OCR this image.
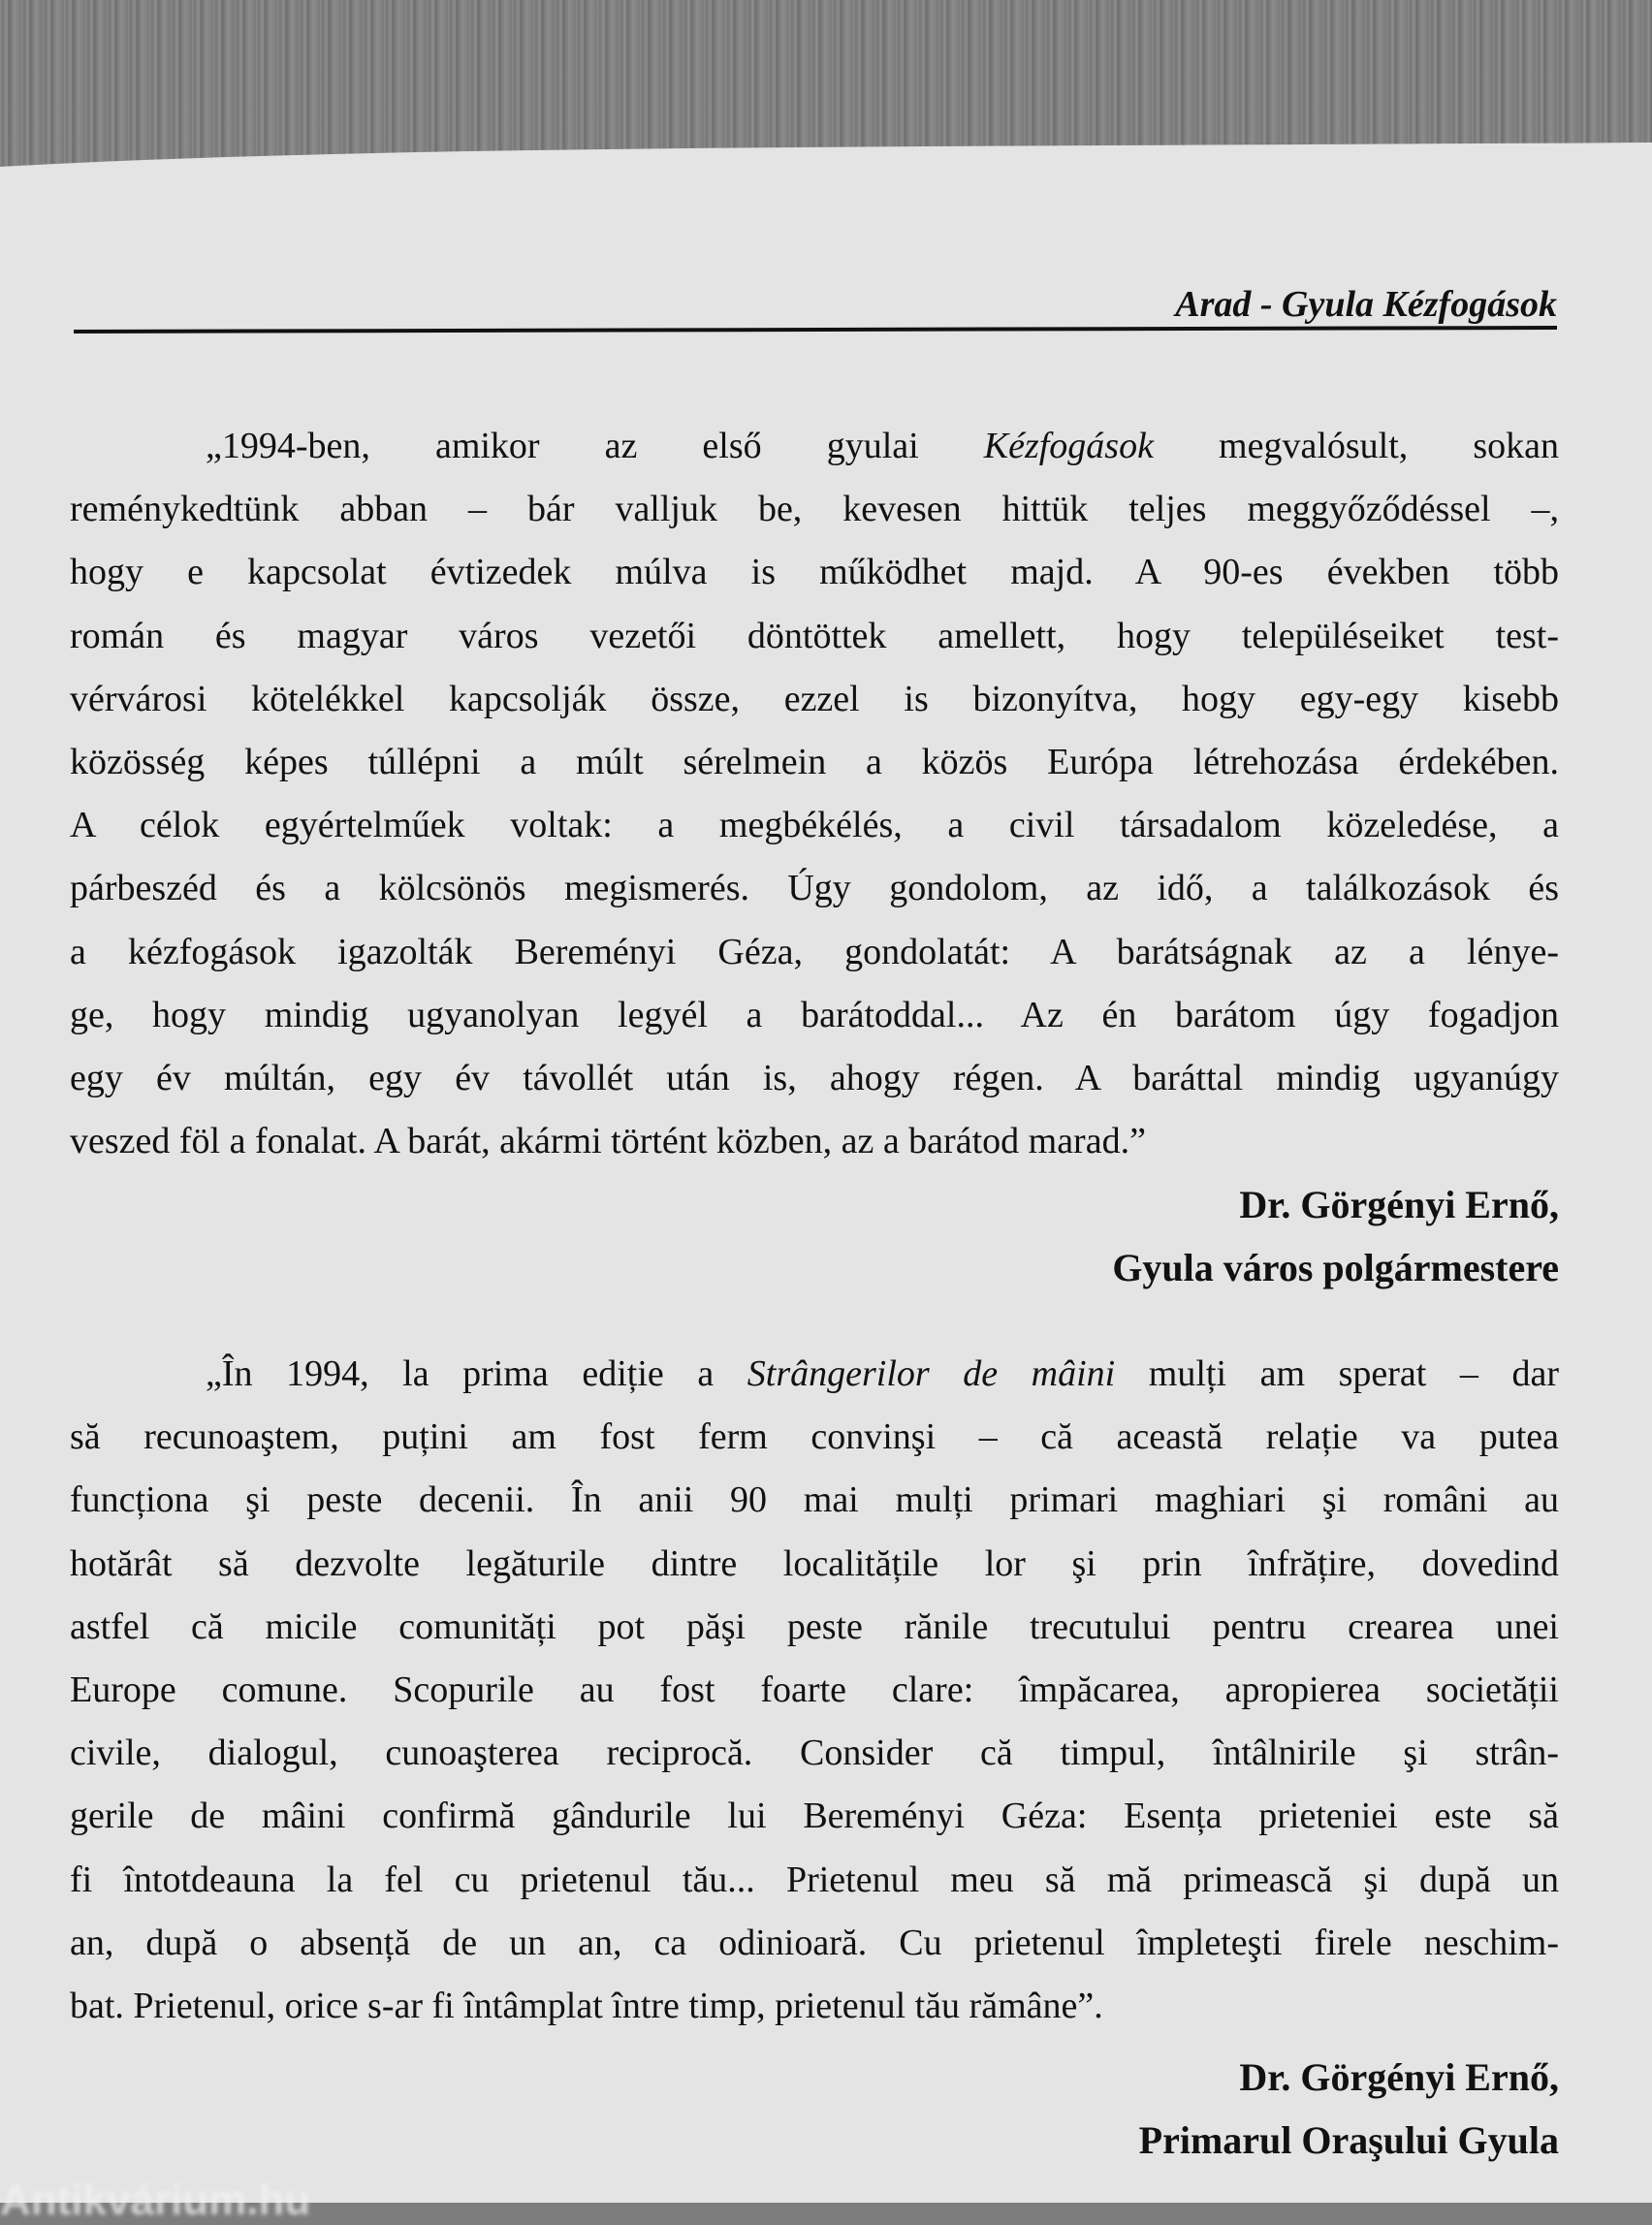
Arad - Gyula Kézfogások
„1994-ben, amikor az első gyulai Kézfogások megvalósult, sokan
reménykedtünk abban – bár valljuk be, kevesen hittük teljes meggyőződéssel –,
hogy e kapcsolat évtizedek múlva is működhet majd. A 90-es években több
román és magyar város vezetői döntöttek amellett, hogy településeiket test-
vérvárosi kötelékkel kapcsolják össze, ezzel is bizonyítva, hogy egy-egy kisebb
közösség képes túllépni a múlt sérelmein a közös Európa létrehozása érdekében.
A célok egyértelműek voltak: a megbékélés, a civil társadalom közeledése, a
párbeszéd és a kölcsönös megismerés. Úgy gondolom, az idő, a találkozások és
a kézfogások igazolták Bereményi Géza, gondolatát: A barátságnak az a lénye-
ge, hogy mindig ugyanolyan legyél a barátoddal... Az én barátom úgy fogadjon
egy év múltán, egy év távollét után is, ahogy régen. A baráttal mindig ugyanúgy
veszed föl a fonalat. A barát, akármi történt közben, az a barátod marad.”
Dr. Görgényi Ernő,
Gyula város polgármestere
„În 1994, la prima ediție a Strângerilor de mâini mulți am sperat – dar
să recunoaştem, puțini am fost ferm convinşi – că această relație va putea
funcționa şi peste decenii. În anii 90 mai mulți primari maghiari şi români au
hotărât să dezvolte legăturile dintre localitățile lor şi prin înfrățire, dovedind
astfel că micile comunități pot păşi peste rănile trecutului pentru crearea unei
Europe comune. Scopurile au fost foarte clare: împăcarea, apropierea societății
civile, dialogul, cunoaşterea reciprocă. Consider că timpul, întâlnirile şi strân-
gerile de mâini confirmă gândurile lui Bereményi Géza: Esența prieteniei este să
fi întotdeauna la fel cu prietenul tău... Prietenul meu să mă primească şi după un
an, după o absență de un an, ca odinioară. Cu prietenul împleteşti firele neschim-
bat. Prietenul, orice s-ar fi întâmplat între timp, prietenul tău rămâne”.
Dr. Görgényi Ernő,
Primarul Oraşului Gyula
Antikvárium.hu
